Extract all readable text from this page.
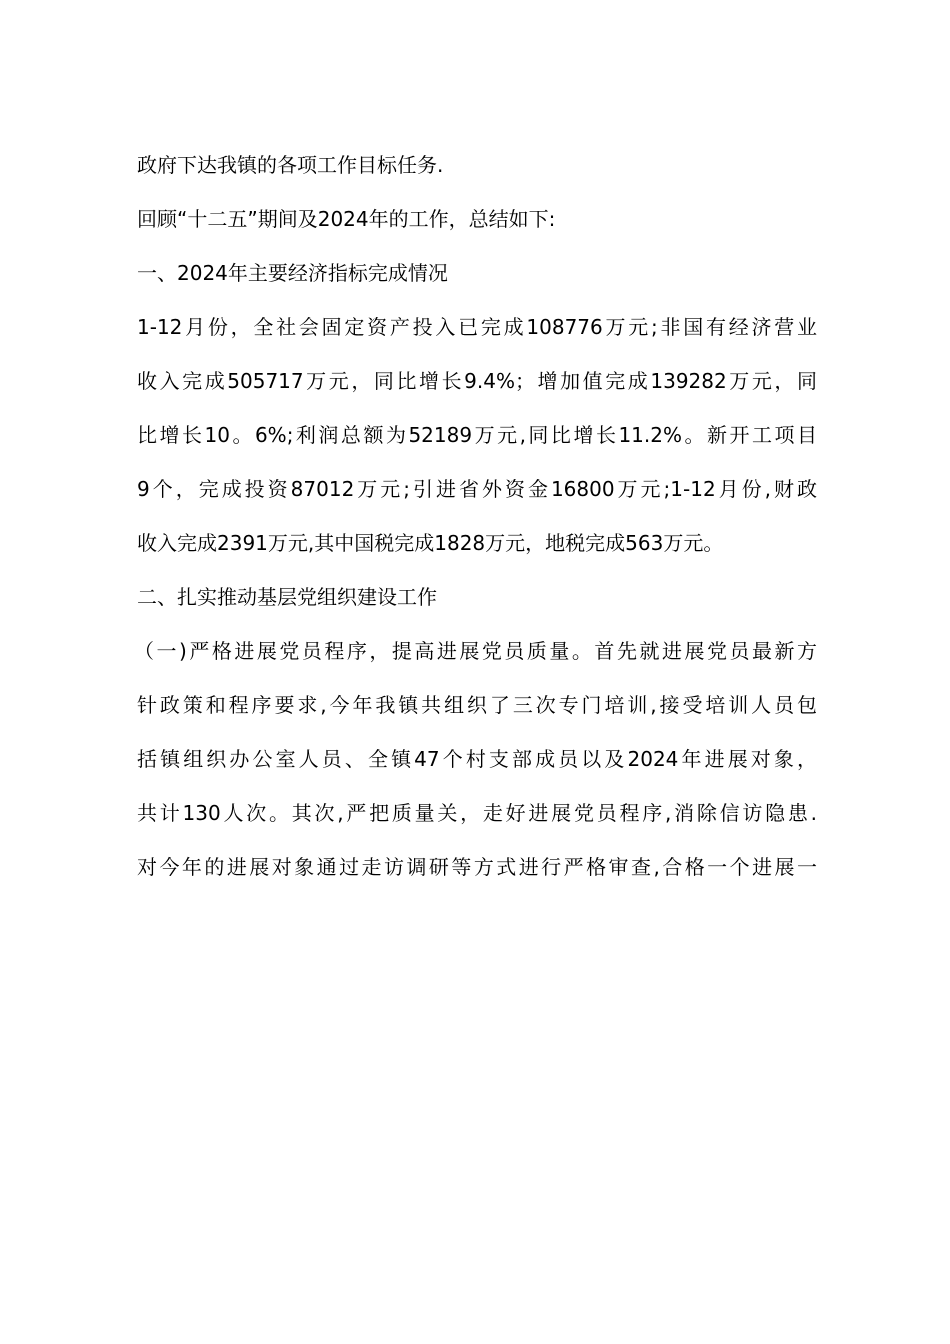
政府下达我镇的各项工作目标任务.
回顾“十二五”期间及2024年的工作，总结如下:
一、2024年主要经济指标完成情况
1-12月份，全社会固定资产投入已完成108776万元;非国有经济营业
收入完成505717万元，同比增长9.4%；增加值完成139282万元，同
比增长10。6%;利润总额为52189万元,同比增长11.2%。新开工项目
9个，完成投资87012万元;引进省外资金16800万元;1-12月份,财政
收入完成2391万元,其中国税完成1828万元，地税完成563万元。
二、扎实推动基层党组织建设工作
（一)严格进展党员程序，提高进展党员质量。首先就进展党员最新方
针政策和程序要求,今年我镇共组织了三次专门培训,接受培训人员包
括镇组织办公室人员、全镇47个村支部成员以及2024年进展对象，
共计130人次。其次,严把质量关，走好进展党员程序,消除信访隐患.
对今年的进展对象通过走访调研等方式进行严格审查,合格一个进展一
